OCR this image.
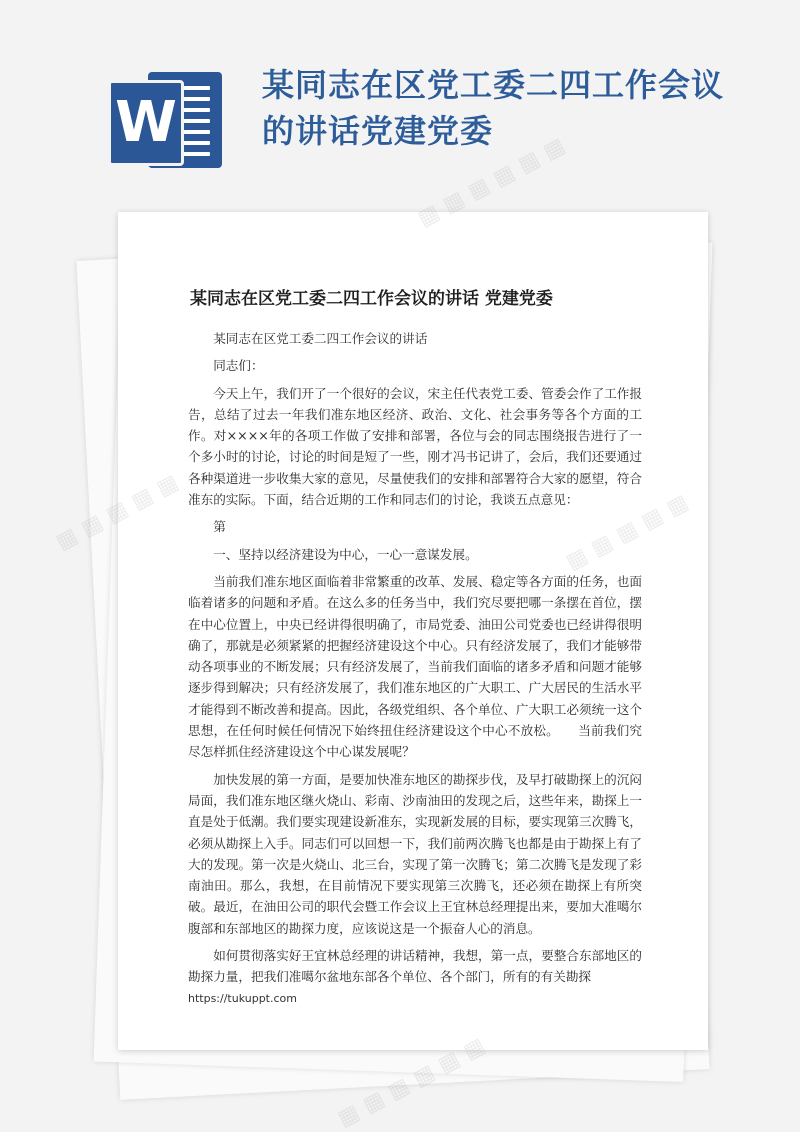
W
某同志在区党工委二四工作会议的讲话党建党委
某同志在区党工委二四工作会议的讲话 党建党委

某同志在区党工委二四工作会议的讲话

同志们：

今天上午，我们开了一个很好的会议，宋主任代表党工委、管委会作了工作报告，总结了过去一年我们准东地区经济、政治、文化、社会事务等各个方面的工作。对××××年的各项工作做了安排和部署，各位与会的同志围绕报告进行了一个多小时的讨论，讨论的时间是短了一些，刚才冯书记讲了，会后，我们还要通过各种渠道进一步收集大家的意见，尽量使我们的安排和部署符合大家的愿望，符合准东的实际。下面，结合近期的工作和同志们的讨论，我谈五点意见：

第

一、坚持以经济建设为中心，一心一意谋发展。

当前我们准东地区面临着非常繁重的改革、发展、稳定等各方面的任务，也面临着诸多的问题和矛盾。在这么多的任务当中，我们究尽要把哪一条摆在首位，摆在中心位置上，中央已经讲得很明确了，市局党委、油田公司党委也已经讲得很明确了，那就是必须紧紧的把握经济建设这个中心。只有经济发展了，我们才能够带动各项事业的不断发展；只有经济发展了，当前我们面临的诸多矛盾和问题才能够逐步得到解决；只有经济发展了，我们准东地区的广大职工、广大居民的生活水平才能得到不断改善和提高。因此，各级党组织、各个单位、广大职工必须统一这个思想，在任何时候任何情况下始终扭住经济建设这个中心不放松。　　当前我们究尽怎样抓住经济建设这个中心谋发展呢？

加快发展的第一方面，是要加快准东地区的勘探步伐，及早打破勘探上的沉闷局面，我们准东地区继火烧山、彩南、沙南油田的发现之后，这些年来，勘探上一直是处于低潮。我们要实现建设新准东，实现新发展的目标，要实现第三次腾飞，必须从勘探上入手。同志们可以回想一下，我们前两次腾飞也都是由于勘探上有了大的发现。第一次是火烧山、北三台，实现了第一次腾飞；第二次腾飞是发现了彩南油田。那么，我想，在目前情况下要实现第三次腾飞，还必须在勘探上有所突破。最近，在油田公司的职代会暨工作会议上王宜林总经理提出来，要加大准噶尔腹部和东部地区的勘探力度，应该说这是一个振奋人心的消息。

如何贯彻落实好王宜林总经理的讲话精神，我想，第一点，要整合东部地区的勘探力量，把我们准噶尔盆地东部各个单位、各个部门，所有的有关勘探

https://tukuppt.com
▦ ▦ ▦ ▦ ▦ ▦
▦
